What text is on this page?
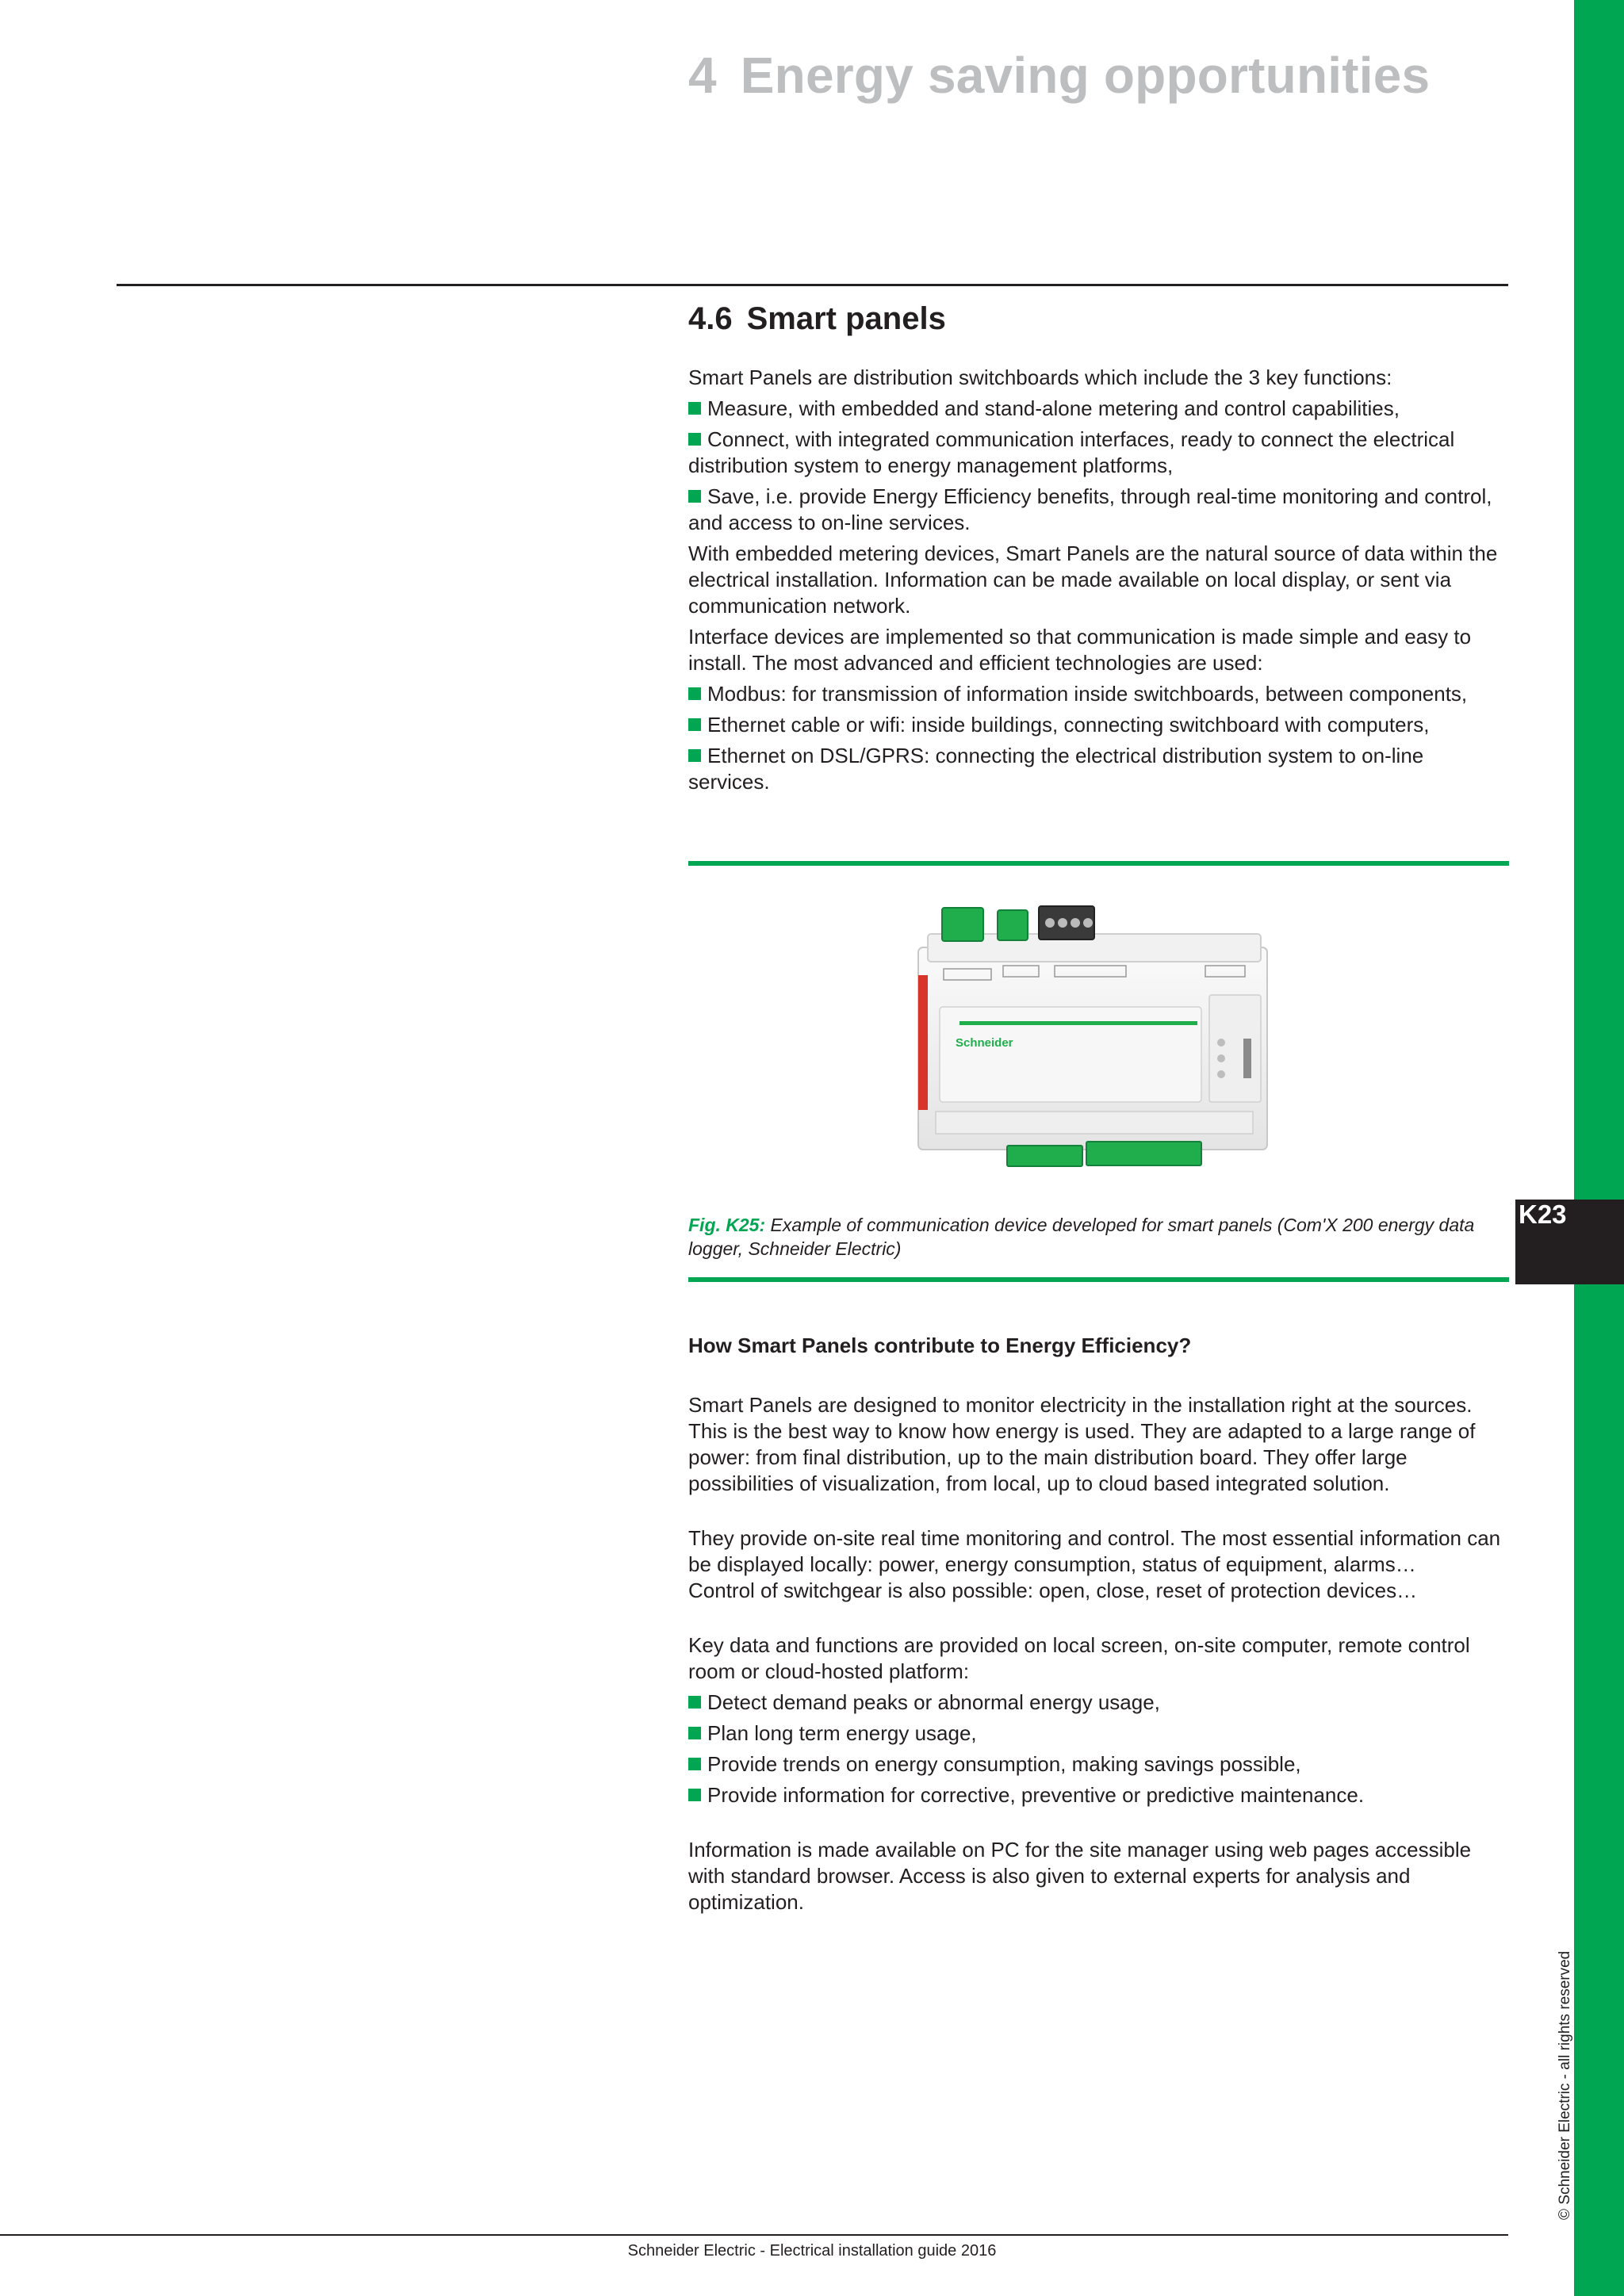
K23
© Schneider Electric - all rights reserved
4 Energy saving opportunities
4.6 Smart panels

Smart Panels are distribution switchboards which include the 3 key functions:

Measure, with embedded and stand-alone metering and control capabilities,

Connect, with integrated communication interfaces, ready to connect the electrical distribution system to energy management platforms,

Save, i.e. provide Energy Efficiency benefits, through real-time monitoring and control, and access to on-line services.

With embedded metering devices, Smart Panels are the natural source of data within the electrical installation. Information can be made available on local display, or sent via communication network.

Interface devices are implemented so that communication is made simple and easy to install. The most advanced and efficient technologies are used:

Modbus: for transmission of information inside switchboards, between components,

Ethernet cable or wifi: inside buildings, connecting switchboard with computers,

Ethernet on DSL/GPRS: connecting the electrical distribution system to on-line services.

Schneider
Fig. K25: Example of communication device developed for smart panels (Com'X 200 energy data logger, Schneider Electric)
How Smart Panels contribute to Energy Efficiency?

Smart Panels are designed to monitor electricity in the installation right at the sources. This is the best way to know how energy is used. They are adapted to a large range of power: from final distribution, up to the main distribution board. They offer large possibilities of visualization, from local, up to cloud based integrated solution.

They provide on-site real time monitoring and control. The most essential information can be displayed locally: power, energy consumption, status of equipment, alarms…

Control of switchgear is also possible: open, close, reset of protection devices…

Key data and functions are provided on local screen, on-site computer, remote control room or cloud-hosted platform:

Detect demand peaks or abnormal energy usage,

Plan long term energy usage,

Provide trends on energy consumption, making savings possible,

Provide information for corrective, preventive or predictive maintenance.

Information is made available on PC for the site manager using web pages accessible with standard browser. Access is also given to external experts for analysis and optimization.

Schneider Electric - Electrical installation guide 2016
